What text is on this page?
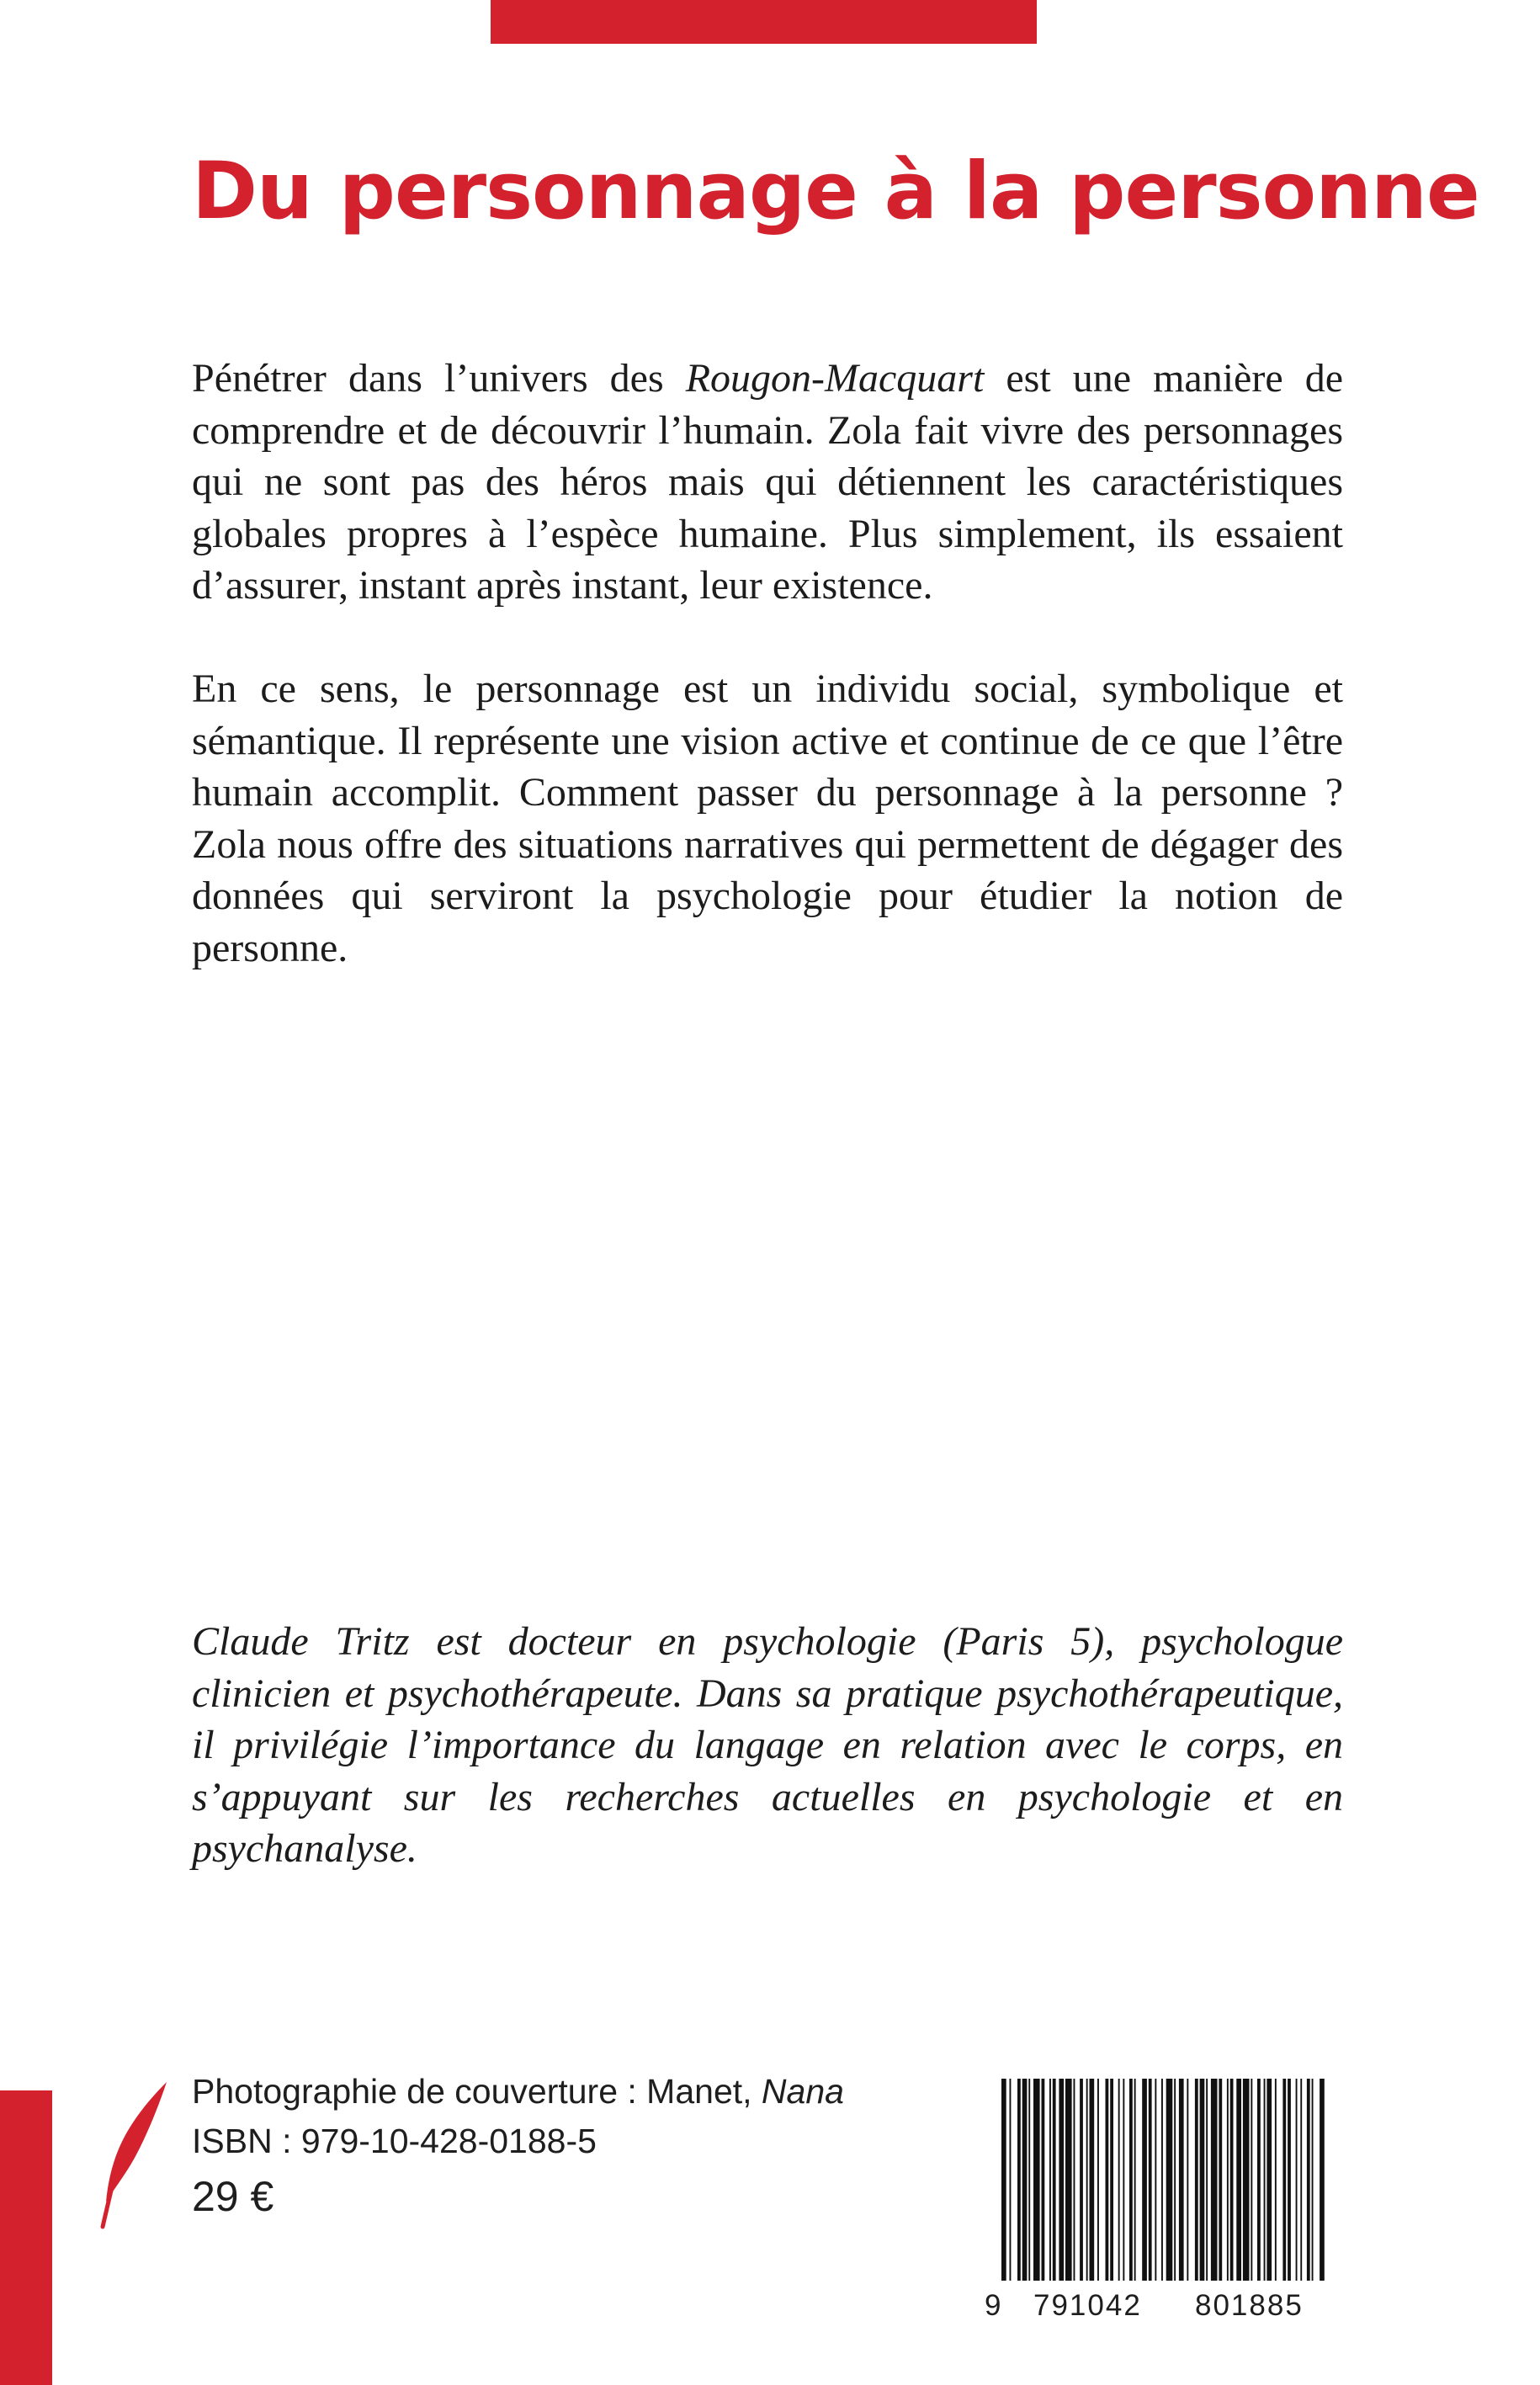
Du personnage à la personne

Pénétrer dans l’univers des Rougon-Macquart est une manière de comprendre et de découvrir l’humain. Zola fait vivre des personnages qui ne sont pas des héros mais qui détiennent les caractéristiques globales propres à l’espèce humaine. Plus simplement, ils essaient d’assurer, instant après instant, leur existence.

En ce sens, le personnage est un individu social, symbolique et sémantique. Il représente une vision active et continue de ce que l’être humain accomplit. Comment passer du personnage à la personne ? Zola nous offre des situations narratives qui permettent de dégager des données qui serviront la psychologie pour étudier la notion de personne.

Claude Tritz est docteur en psychologie (Paris 5), psychologue clinicien et psychothérapeute. Dans sa pratique psychothérapeutique, il privilégie l’importance du langage en relation avec le corps, en s’appuyant sur les recherches actuelles en psychologie et en psychanalyse.

Photographie de couverture : Manet, Nana
ISBN : 979-10-428-0188-5
29 €
9 791042 801885
